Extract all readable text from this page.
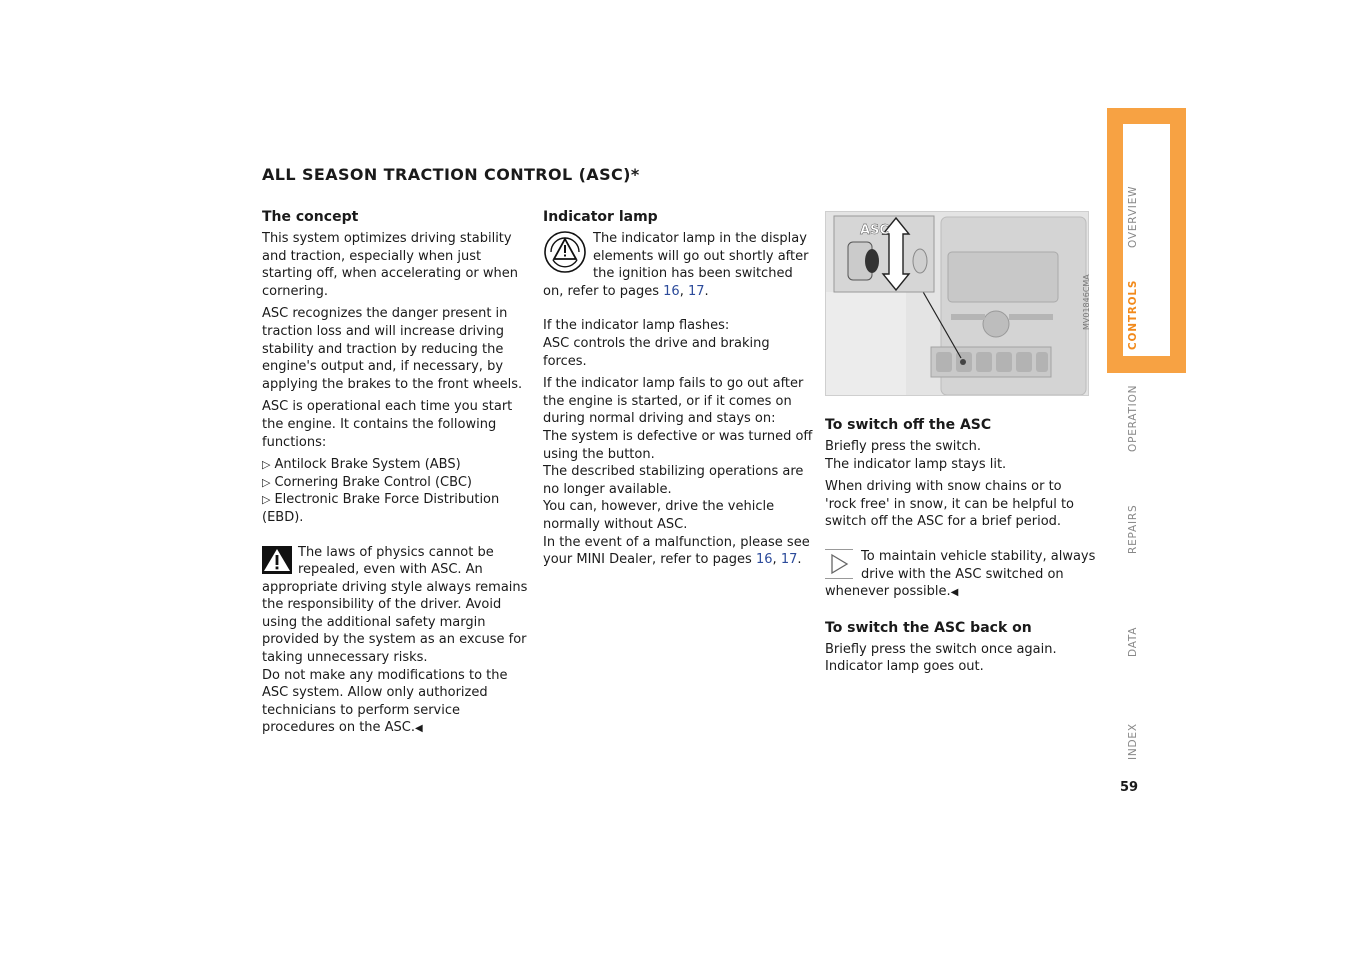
ALL SEASON TRACTION CONTROL (ASC)*
The concept

This system optimizes driving stability and traction, especially when just starting off, when accelerating or when cornering.

ASC recognizes the danger present in traction loss and will increase driving stability and traction by reducing the engine's output and, if necessary, by applying the brakes to the front wheels.

ASC is operational each time you start the engine. It contains the following functions:

▷ Antilock Brake System (ABS)
▷ Cornering Brake Control (CBC)
▷ Electronic Brake Force Distribution (EBD).

The laws of physics cannot be repealed, even with ASC. An appropriate driving style always remains the responsibility of the driver. Avoid using the additional safety margin provided by the system as an excuse for taking unnecessary risks.

Do not make any modifications to the ASC system. Allow only authorized technicians to perform service procedures on the ASC.◀

Indicator lamp

The indicator lamp in the display elements will go out shortly after the ignition has been switched on, refer to pages 16, 17.

If the indicator lamp flashes:

ASC controls the drive and braking forces.

If the indicator lamp fails to go out after the engine is started, or if it comes on during normal driving and stays on:

The system is defective or was turned off using the button.

The described stabilizing operations are no longer available.

You can, however, drive the vehicle normally without ASC.

In the event of a malfunction, please see your MINI Dealer, refer to pages 16, 17.

ASC
MV01846CMA
To switch off the ASC

Briefly press the switch.

The indicator lamp stays lit.

When driving with snow chains or to 'rock free' in snow, it can be helpful to switch off the ASC for a brief period.

To maintain vehicle stability, always drive with the ASC switched on whenever possible.◀

To switch the ASC back on

Briefly press the switch once again.

Indicator lamp goes out.

OVERVIEW
CONTROLS
OPERATION
REPAIRS
DATA
INDEX
59
